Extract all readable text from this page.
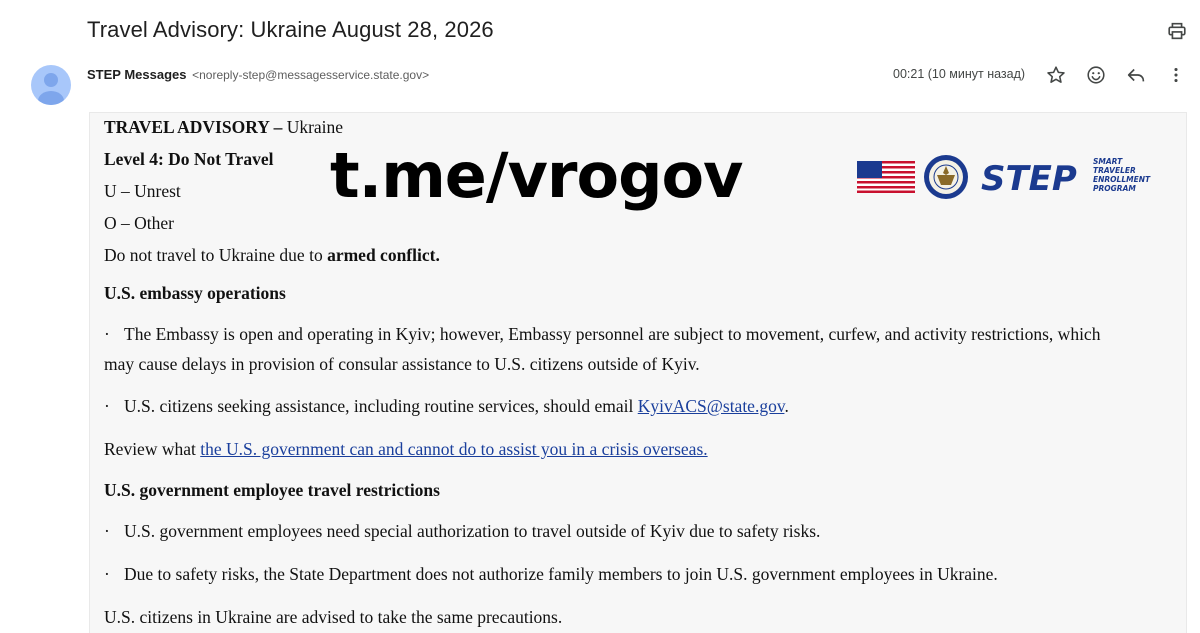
Travel Advisory: Ukraine August 28, 2026
STEP Messages <noreply-step@messagesservice.state.gov>	00:21 (10 минут назад)
TRAVEL ADVISORY – Ukraine
Level 4: Do Not Travel
U – Unrest
O – Other
Do not travel to Ukraine due to armed conflict.
U.S. embassy operations
· The Embassy is open and operating in Kyiv; however, Embassy personnel are subject to movement, curfew, and activity restrictions, which
may cause delays in provision of consular assistance to U.S. citizens outside of Kyiv.
· U.S. citizens seeking assistance, including routine services, should email KyivACS@state.gov.
Review what the U.S. government can and cannot do to assist you in a crisis overseas.
U.S. government employee travel restrictions
· U.S. government employees need special authorization to travel outside of Kyiv due to safety risks.
· Due to safety risks, the State Department does not authorize family members to join U.S. government employees in Ukraine.
U.S. citizens in Ukraine are advised to take the same precautions.
t.me/vrogov	STEP SMART
TRAVELER
ENROLLMENT
PROGRAM
